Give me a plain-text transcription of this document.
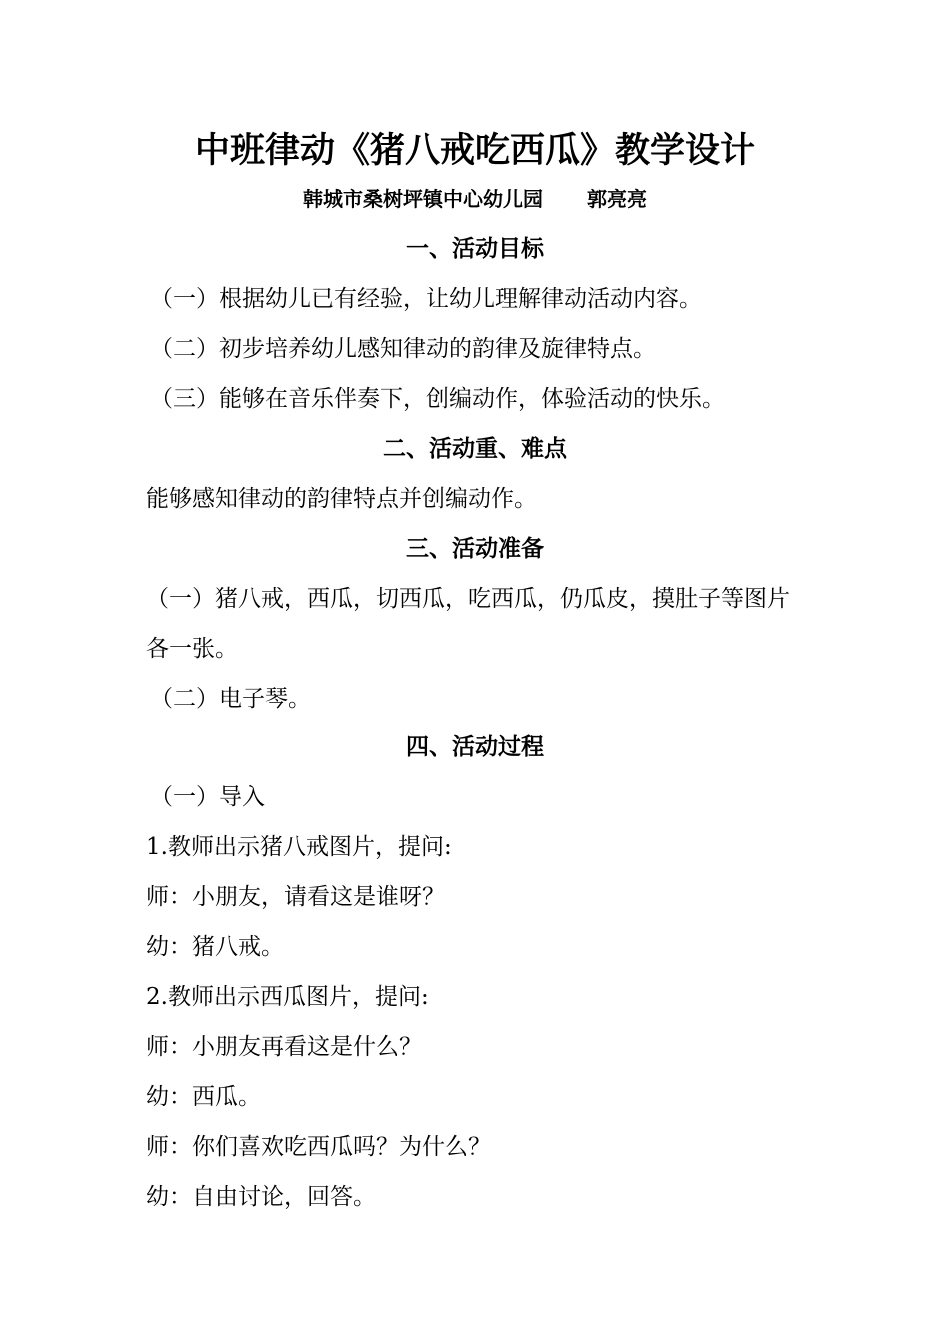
中班律动《猪八戒吃西瓜》教学设计
韩城市桑树坪镇中心幼儿园 郭亮亮
一、活动目标
（一）根据幼儿已有经验，让幼儿理解律动活动内容。
（二）初步培养幼儿感知律动的韵律及旋律特点。
（三）能够在音乐伴奏下，创编动作，体验活动的快乐。
二、活动重、难点
能够感知律动的韵律特点并创编动作。
三、活动准备
（一）猪八戒，西瓜，切西瓜，吃西瓜，仍瓜皮，摸肚子等图片
各一张。
（二）电子琴。
四、活动过程
（一）导入
1.教师出示猪八戒图片，提问:
师：小朋友，请看这是谁呀？
幼：猪八戒。
2.教师出示西瓜图片，提问:
师：小朋友再看这是什么？
幼：西瓜。
师：你们喜欢吃西瓜吗？为什么？
幼：自由讨论，回答。
